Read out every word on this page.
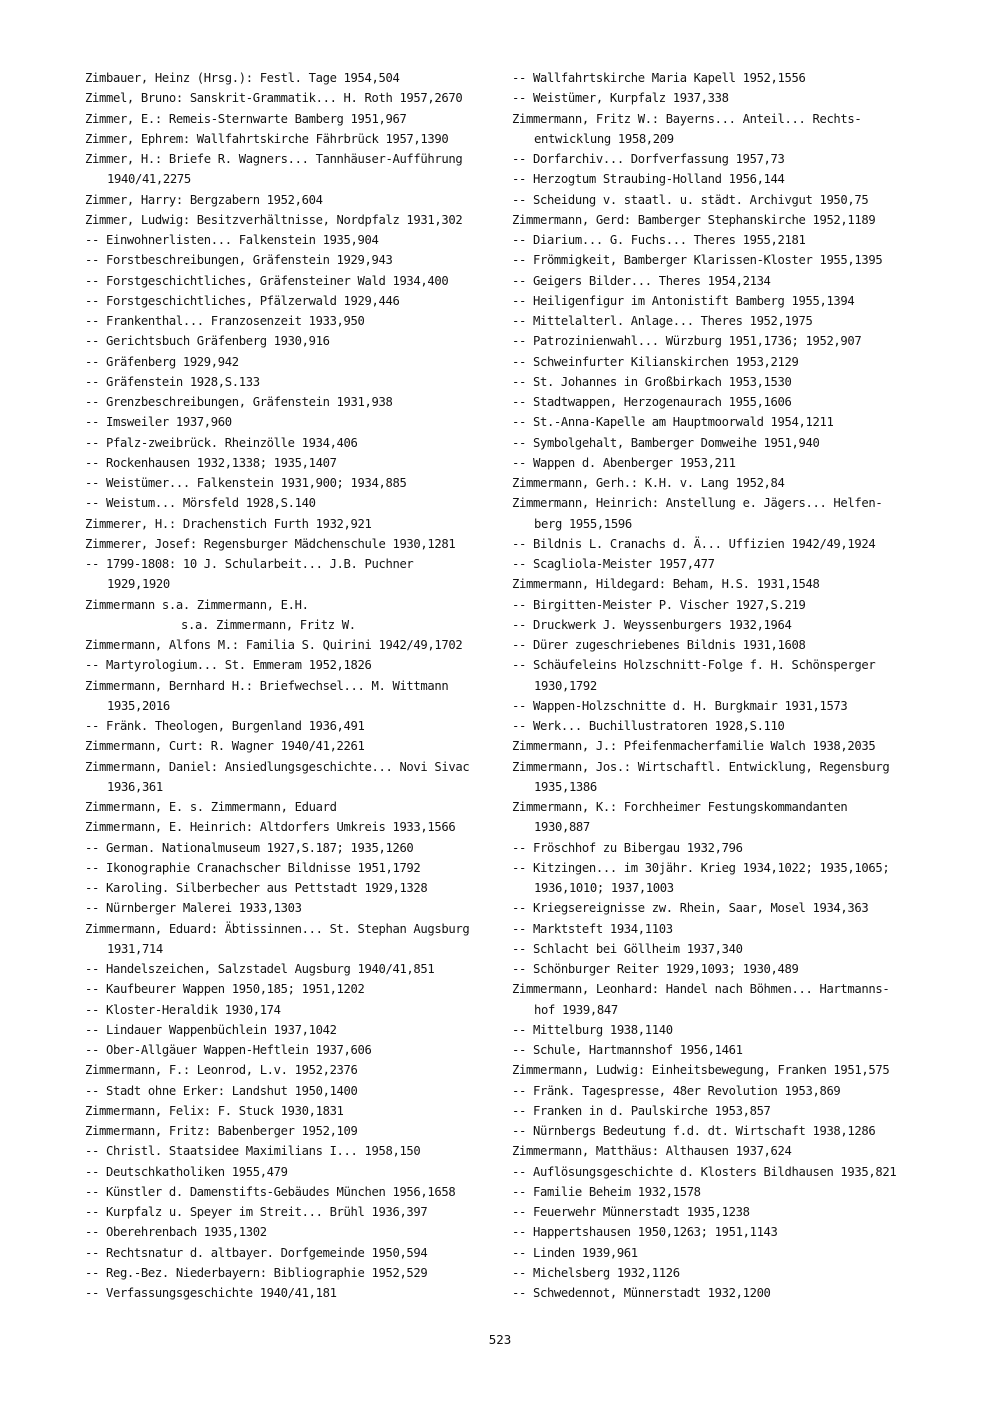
Zimbauer, Heinz (Hrsg.): Festl. Tage 1954,504
Zimmel, Bruno: Sanskrit-Grammatik... H. Roth 1957,2670
Zimmer, E.: Remeis-Sternwarte Bamberg 1951,967
Zimmer, Ephrem: Wallfahrtskirche Fährbrück 1957,1390
Zimmer, H.: Briefe R. Wagners... Tannhäuser-Aufführung
1940/41,2275
Zimmer, Harry: Bergzabern 1952,604
Zimmer, Ludwig: Besitzverhältnisse, Nordpfalz 1931,302
-- Einwohnerlisten... Falkenstein 1935,904
-- Forstbeschreibungen, Gräfenstein 1929,943
-- Forstgeschichtliches, Gräfensteiner Wald 1934,400
-- Forstgeschichtliches, Pfälzerwald 1929,446
-- Frankenthal... Franzosenzeit 1933,950
-- Gerichtsbuch Gräfenberg 1930,916
-- Gräfenberg 1929,942
-- Gräfenstein 1928,S.133
-- Grenzbeschreibungen, Gräfenstein 1931,938
-- Imsweiler 1937,960
-- Pfalz-zweibrück. Rheinzölle 1934,406
-- Rockenhausen 1932,1338; 1935,1407
-- Weistümer... Falkenstein 1931,900; 1934,885
-- Weistum... Mörsfeld 1928,S.140
Zimmerer, H.: Drachenstich Furth 1932,921
Zimmerer, Josef: Regensburger Mädchenschule 1930,1281
-- 1799-1808: 10 J. Schularbeit... J.B. Puchner
1929,1920
Zimmermann s.a. Zimmermann, E.H.
s.a. Zimmermann, Fritz W.
Zimmermann, Alfons M.: Familia S. Quirini 1942/49,1702
-- Martyrologium... St. Emmeram 1952,1826
Zimmermann, Bernhard H.: Briefwechsel... M. Wittmann
1935,2016
-- Fränk. Theologen, Burgenland 1936,491
Zimmermann, Curt: R. Wagner 1940/41,2261
Zimmermann, Daniel: Ansiedlungsgeschichte... Novi Sivac
1936,361
Zimmermann, E. s. Zimmermann, Eduard
Zimmermann, E. Heinrich: Altdorfers Umkreis 1933,1566
-- German. Nationalmuseum 1927,S.187; 1935,1260
-- Ikonographie Cranachscher Bildnisse 1951,1792
-- Karoling. Silberbecher aus Pettstadt 1929,1328
-- Nürnberger Malerei 1933,1303
Zimmermann, Eduard: Äbtissinnen... St. Stephan Augsburg
1931,714
-- Handelszeichen, Salzstadel Augsburg 1940/41,851
-- Kaufbeurer Wappen 1950,185; 1951,1202
-- Kloster-Heraldik 1930,174
-- Lindauer Wappenbüchlein 1937,1042
-- Ober-Allgäuer Wappen-Heftlein 1937,606
Zimmermann, F.: Leonrod, L.v. 1952,2376
-- Stadt ohne Erker: Landshut 1950,1400
Zimmermann, Felix: F. Stuck 1930,1831
Zimmermann, Fritz: Babenberger 1952,109
-- Christl. Staatsidee Maximilians I... 1958,150
-- Deutschkatholiken 1955,479
-- Künstler d. Damenstifts-Gebäudes München 1956,1658
-- Kurpfalz u. Speyer im Streit... Brühl 1936,397
-- Oberehrenbach 1935,1302
-- Rechtsnatur d. altbayer. Dorfgemeinde 1950,594
-- Reg.-Bez. Niederbayern: Bibliographie 1952,529
-- Verfassungsgeschichte 1940/41,181
-- Wallfahrtskirche Maria Kapell 1952,1556
-- Weistümer, Kurpfalz 1937,338
Zimmermann, Fritz W.: Bayerns... Anteil... Rechts-
entwicklung 1958,209
-- Dorfarchiv... Dorfverfassung 1957,73
-- Herzogtum Straubing-Holland 1956,144
-- Scheidung v. staatl. u. städt. Archivgut 1950,75
Zimmermann, Gerd: Bamberger Stephanskirche 1952,1189
-- Diarium... G. Fuchs... Theres 1955,2181
-- Frömmigkeit, Bamberger Klarissen-Kloster 1955,1395
-- Geigers Bilder... Theres 1954,2134
-- Heiligenfigur im Antonistift Bamberg 1955,1394
-- Mittelalterl. Anlage... Theres 1952,1975
-- Patrozinienwahl... Würzburg 1951,1736; 1952,907
-- Schweinfurter Kilianskirchen 1953,2129
-- St. Johannes in Großbirkach 1953,1530
-- Stadtwappen, Herzogenaurach 1955,1606
-- St.-Anna-Kapelle am Hauptmoorwald 1954,1211
-- Symbolgehalt, Bamberger Domweihe 1951,940
-- Wappen d. Abenberger 1953,211
Zimmermann, Gerh.: K.H. v. Lang 1952,84
Zimmermann, Heinrich: Anstellung e. Jägers... Helfen-
berg 1955,1596
-- Bildnis L. Cranachs d. Ä... Uffizien 1942/49,1924
-- Scagliola-Meister 1957,477
Zimmermann, Hildegard: Beham, H.S. 1931,1548
-- Birgitten-Meister P. Vischer 1927,S.219
-- Druckwerk J. Weyssenburgers 1932,1964
-- Dürer zugeschriebenes Bildnis 1931,1608
-- Schäufeleins Holzschnitt-Folge f. H. Schönsperger
1930,1792
-- Wappen-Holzschnitte d. H. Burgkmair 1931,1573
-- Werk... Buchillustratoren 1928,S.110
Zimmermann, J.: Pfeifenmacherfamilie Walch 1938,2035
Zimmermann, Jos.: Wirtschaftl. Entwicklung, Regensburg
1935,1386
Zimmermann, K.: Forchheimer Festungskommandanten
1930,887
-- Fröschhof zu Bibergau 1932,796
-- Kitzingen... im 30jähr. Krieg 1934,1022; 1935,1065;
1936,1010; 1937,1003
-- Kriegsereignisse zw. Rhein, Saar, Mosel 1934,363
-- Marktsteft 1934,1103
-- Schlacht bei Göllheim 1937,340
-- Schönburger Reiter 1929,1093; 1930,489
Zimmermann, Leonhard: Handel nach Böhmen... Hartmanns-
hof 1939,847
-- Mittelburg 1938,1140
-- Schule, Hartmannshof 1956,1461
Zimmermann, Ludwig: Einheitsbewegung, Franken 1951,575
-- Fränk. Tagespresse, 48er Revolution 1953,869
-- Franken in d. Paulskirche 1953,857
-- Nürnbergs Bedeutung f.d. dt. Wirtschaft 1938,1286
Zimmermann, Matthäus: Althausen 1937,624
-- Auflösungsgeschichte d. Klosters Bildhausen 1935,821
-- Familie Beheim 1932,1578
-- Feuerwehr Münnerstadt 1935,1238
-- Happertshausen 1950,1263; 1951,1143
-- Linden 1939,961
-- Michelsberg 1932,1126
-- Schwedennot, Münnerstadt 1932,1200
523
